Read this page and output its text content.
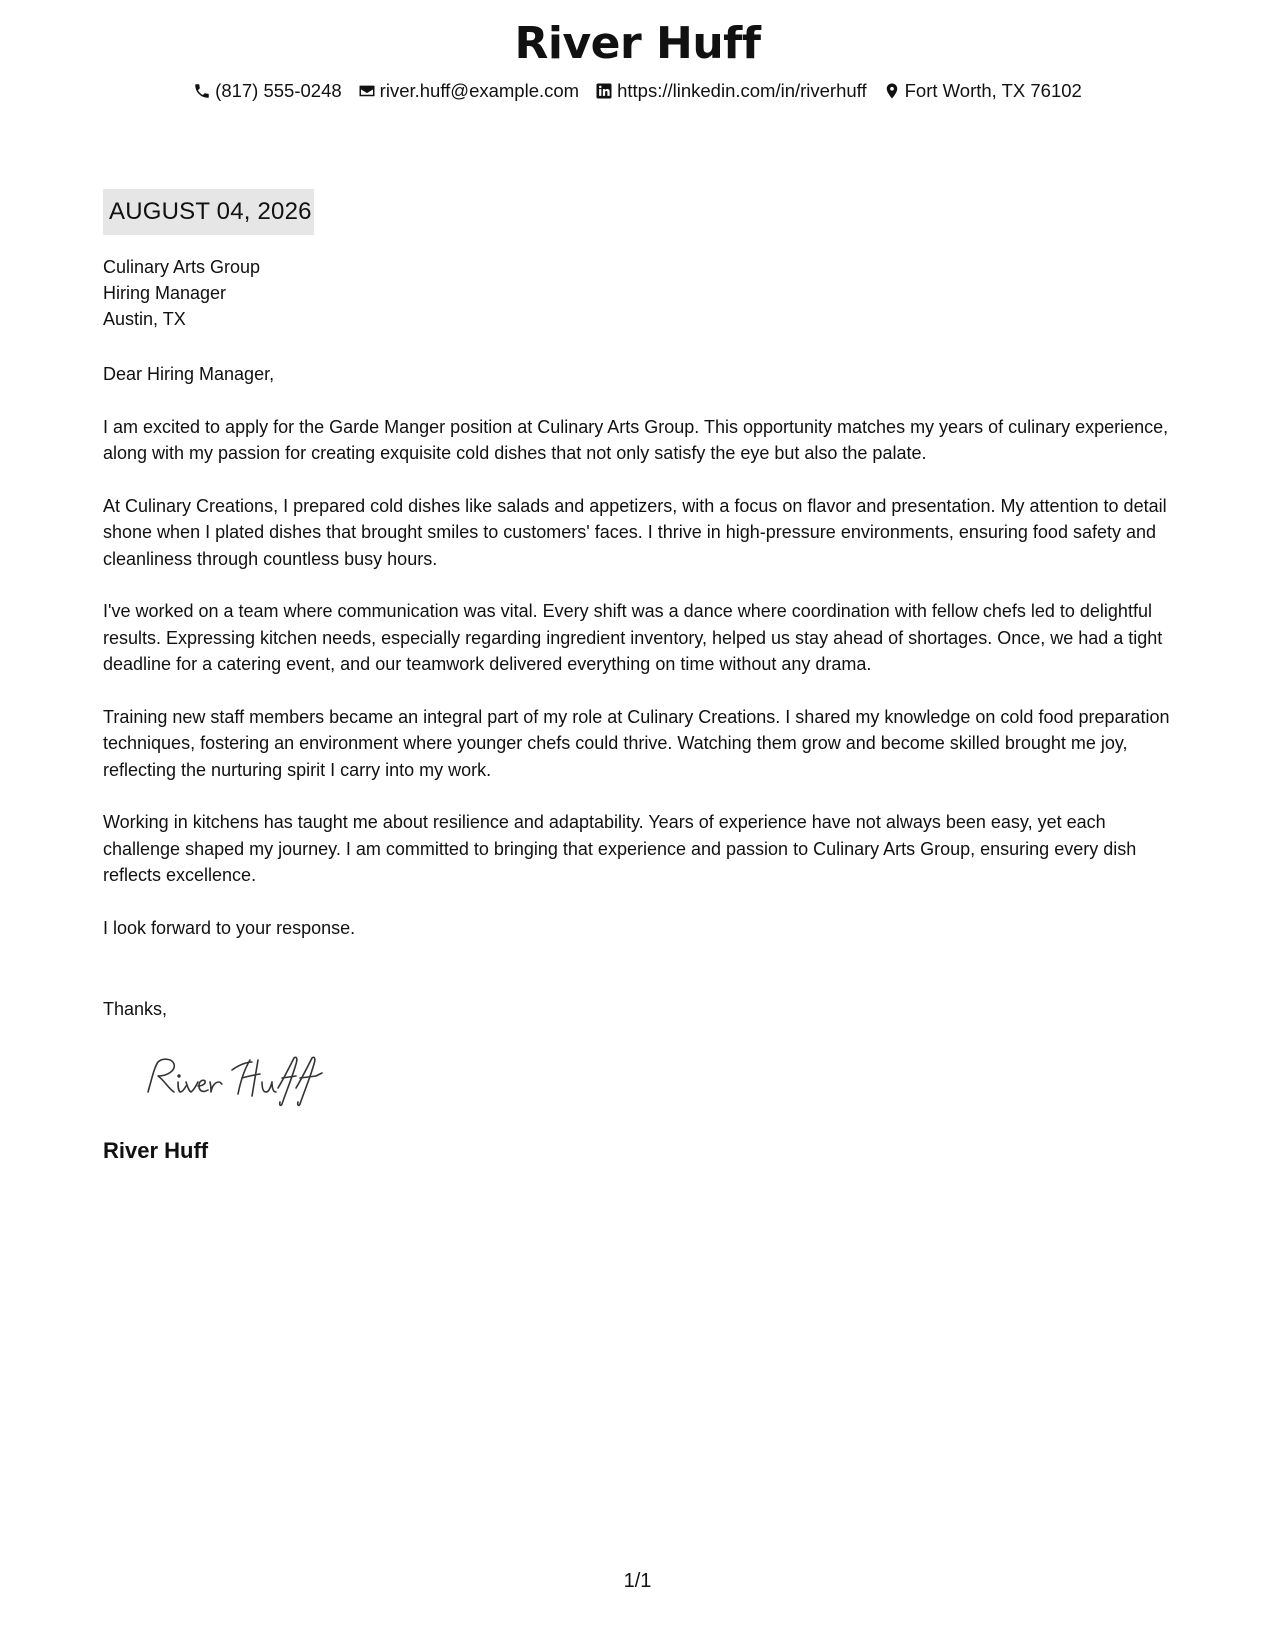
River Huff
(817) 555-0248 river.huff@example.com https://linkedin.com/in/riverhuff Fort Worth, TX 76102
AUGUST 04, 2026
Culinary Arts Group
Hiring Manager
Austin, TX
Dear Hiring Manager,

I am excited to apply for the Garde Manger position at Culinary Arts Group. This opportunity matches my years of culinary experience, along with my passion for creating exquisite cold dishes that not only satisfy the eye but also the palate.

At Culinary Creations, I prepared cold dishes like salads and appetizers, with a focus on flavor and presentation. My attention to detail shone when I plated dishes that brought smiles to customers' faces. I thrive in high-pressure environments, ensuring food safety and cleanliness through countless busy hours.

I've worked on a team where communication was vital. Every shift was a dance where coordination with fellow chefs led to delightful results. Expressing kitchen needs, especially regarding ingredient inventory, helped us stay ahead of shortages. Once, we had a tight deadline for a catering event, and our teamwork delivered everything on time without any drama.

Training new staff members became an integral part of my role at Culinary Creations. I shared my knowledge on cold food preparation techniques, fostering an environment where younger chefs could thrive. Watching them grow and become skilled brought me joy, reflecting the nurturing spirit I carry into my work.

Working in kitchens has taught me about resilience and adaptability. Years of experience have not always been easy, yet each challenge shaped my journey. I am committed to bringing that experience and passion to Culinary Arts Group, ensuring every dish reflects excellence.

I look forward to your response.

Thanks,
River Huff
1/1
